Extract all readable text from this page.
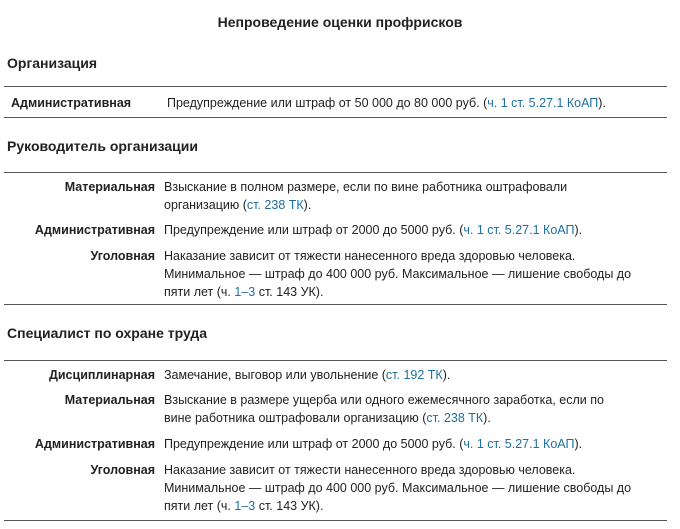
Непроведение оценки профрисков
Организация
Административная	Предупреждение или штраф от 50 000 до 80 000 руб. (ч. 1 ст. 5.27.1 КоАП).
Руководитель организации
Материальная Взыскание в полном размере, если по вине работника оштрафовали организацию (ст. 238 ТК).
Административная Предупреждение или штраф от 2000 до 5000 руб. (ч. 1 ст. 5.27.1 КоАП).
Уголовная Наказание зависит от тяжести нанесенного вреда здоровью человека. Минимальное — штраф до 400 000 руб. Максимальное — лишение свободы до пяти лет (ч. 1–3 ст. 143 УК).
Специалист по охране труда
Дисциплинарная Замечание, выговор или увольнение (ст. 192 ТК).
Материальная Взыскание в размере ущерба или одного ежемесячного заработка, если по вине работника оштрафовали организацию (ст. 238 ТК).
Административная Предупреждение или штраф от 2000 до 5000 руб. (ч. 1 ст. 5.27.1 КоАП).
Уголовная Наказание зависит от тяжести нанесенного вреда здоровью человека. Минимальное — штраф до 400 000 руб. Максимальное — лишение свободы до пяти лет (ч. 1–3 ст. 143 УК).
